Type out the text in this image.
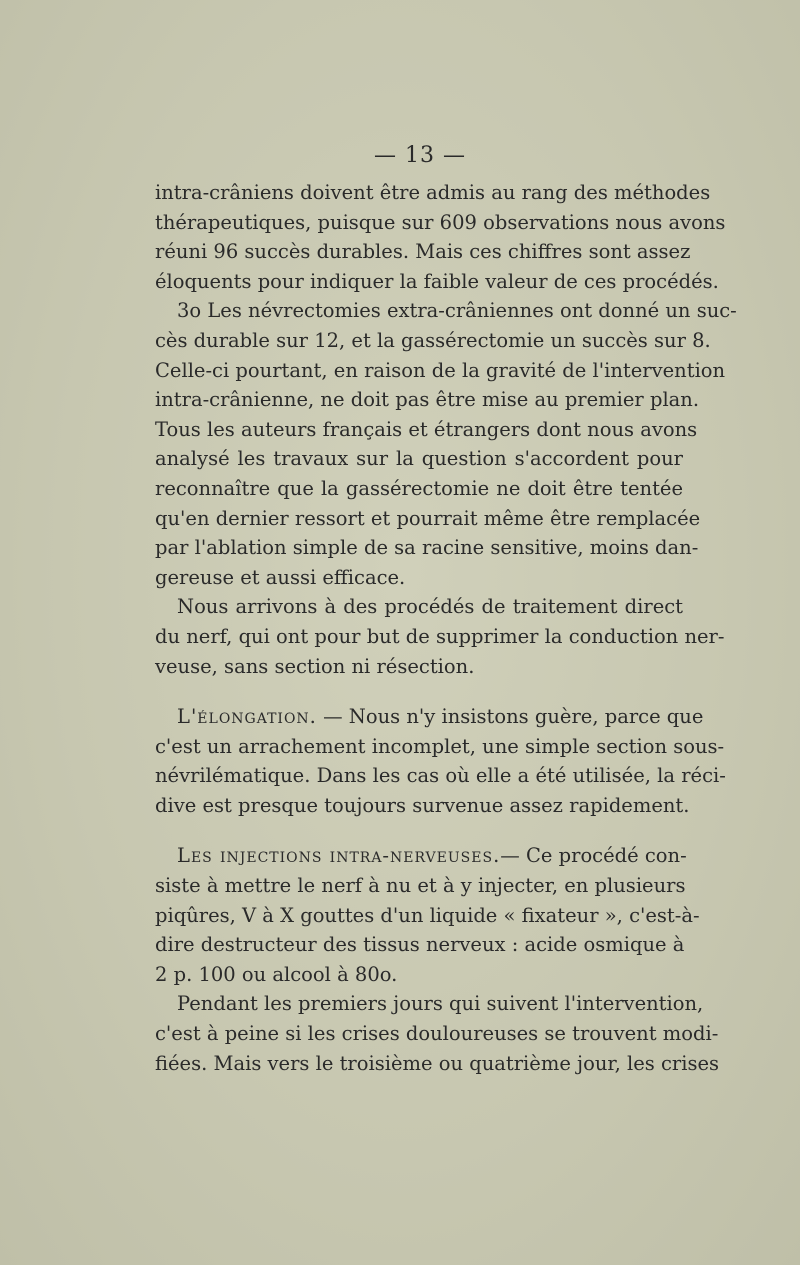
— 13 —
intra-crâniens doivent être admis au rang des méthodes
thérapeutiques, puisque sur 609 observations nous avons
réuni 96 succès durables. Mais ces chiffres sont assez
éloquents pour indiquer la faible valeur de ces procédés.
3o Les névrectomies extra-crâniennes ont donné un suc-
cès durable sur 12, et la gassérectomie un succès sur 8.
Celle-ci pourtant, en raison de la gravité de l'intervention
intra-crânienne, ne doit pas être mise au premier plan.
Tous les auteurs français et étrangers dont nous avons
analysé les travaux sur la question s'accordent pour
reconnaître que la gassérectomie ne doit être tentée
qu'en dernier ressort et pourrait même être remplacée
par l'ablation simple de sa racine sensitive, moins dan-
gereuse et aussi efficace.
Nous arrivons à des procédés de traitement direct
du nerf, qui ont pour but de supprimer la conduction ner-
veuse, sans section ni résection.
L'élongation. — Nous n'y insistons guère, parce que
c'est un arrachement incomplet, une simple section sous-
névrilématique. Dans les cas où elle a été utilisée, la réci-
dive est presque toujours survenue assez rapidement.
Les injections intra-nerveuses.— Ce procédé con-
siste à mettre le nerf à nu et à y injecter, en plusieurs
piqûres, V à X gouttes d'un liquide « fixateur », c'est-à-
dire destructeur des tissus nerveux : acide osmique à
2 p. 100 ou alcool à 80o.
Pendant les premiers jours qui suivent l'intervention,
c'est à peine si les crises douloureuses se trouvent modi-
fiées. Mais vers le troisième ou quatrième jour, les crises
